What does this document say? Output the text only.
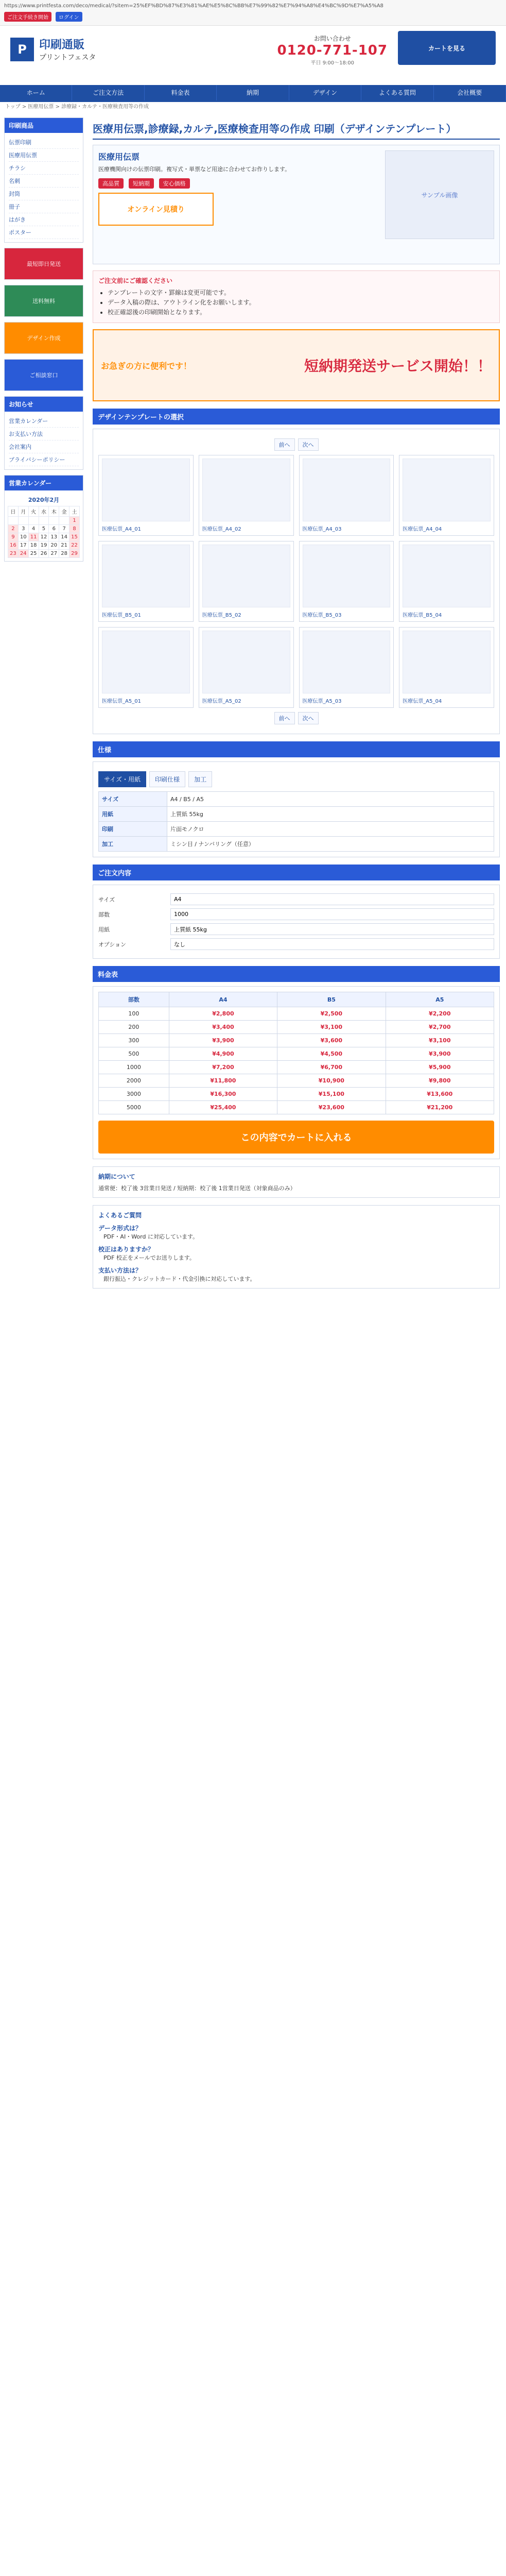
https://www.printfesta.com/deco/medical/?sitem=25%EF%BD%87%E3%81%AE%E5%8C%BB%E7%99%82%E7%94%A8%E4%BC%9D%E7%A5%A8
ご注文手続き開始	ログイン
P	印刷通販
プリントフェスタ
お問い合わせ
0120-771-107
平日 9:00〜18:00
カートを見る
ホーム	ご注文方法	料金表	納期	デザイン	よくある質問	会社概要
トップ > 医療用伝票 > 診療録・カルテ・医療検査用等の作成
印刷商品
伝票印刷
医療用伝票
チラシ
名刺
封筒
冊子
はがき
ポスター
最短即日発送
送料無料
デザイン作成
ご相談窓口
お知らせ
営業カレンダー
お支払い方法
会社案内
プライバシーポリシー
営業カレンダー
2020年2月
日	月	火	水	木	金	土
						1
2	3	4	5	6	7	8
9	10	11	12	13	14	15
16	17	18	19	20	21	22
23	24	25	26	27	28	29
医療用伝票,診療録,カルテ,医療検査用等の作成 印刷（デザインテンプレート）
医療用伝票
医療機関向けの伝票印刷。複写式・単票など用途に合わせてお作りします。
高品質 短納期 安心価格
オンライン見積り
サンプル画像
ご注文前にご確認ください
• テンプレートの文字・罫線は変更可能です。
• データ入稿の際は、アウトライン化をお願いします。
• 校正確認後の印刷開始となります。
お急ぎの方に便利です！	短納期発送サービス開始！！
デザインテンプレートの選択
前へ	次へ
医療伝票_A4_01	医療伝票_A4_02	医療伝票_A4_03	医療伝票_A4_04
医療伝票_B5_01	医療伝票_B5_02	医療伝票_B5_03	医療伝票_B5_04
医療伝票_A5_01	医療伝票_A5_02	医療伝票_A5_03	医療伝票_A5_04
前へ	次へ
仕様
サイズ・用紙	印刷仕様	加工
サイズ	A4 / B5 / A5
用紙	上質紙 55kg
印刷	片面モノクロ
加工	ミシン目 / ナンバリング（任意）
ご注文内容
サイズ
A4
部数
1000
用紙
上質紙 55kg
オプション
なし
料金表
部数	A4	B5	A5
100	¥2,800	¥2,500	¥2,200
200	¥3,400	¥3,100	¥2,700
300	¥3,900	¥3,600	¥3,100
500	¥4,900	¥4,500	¥3,900
1000	¥7,200	¥6,700	¥5,900
2000	¥11,800	¥10,900	¥9,800
3000	¥16,300	¥15,100	¥13,600
5000	¥25,400	¥23,600	¥21,200
この内容でカートに入れる
納期について
通常便：校了後 3営業日発送 / 短納期：校了後 1営業日発送（対象商品のみ）
よくあるご質問
データ形式は？
PDF・AI・Word に対応しています。
校正はありますか？
PDF 校正をメールでお送りします。
支払い方法は？
銀行振込・クレジットカード・代金引換に対応しています。
